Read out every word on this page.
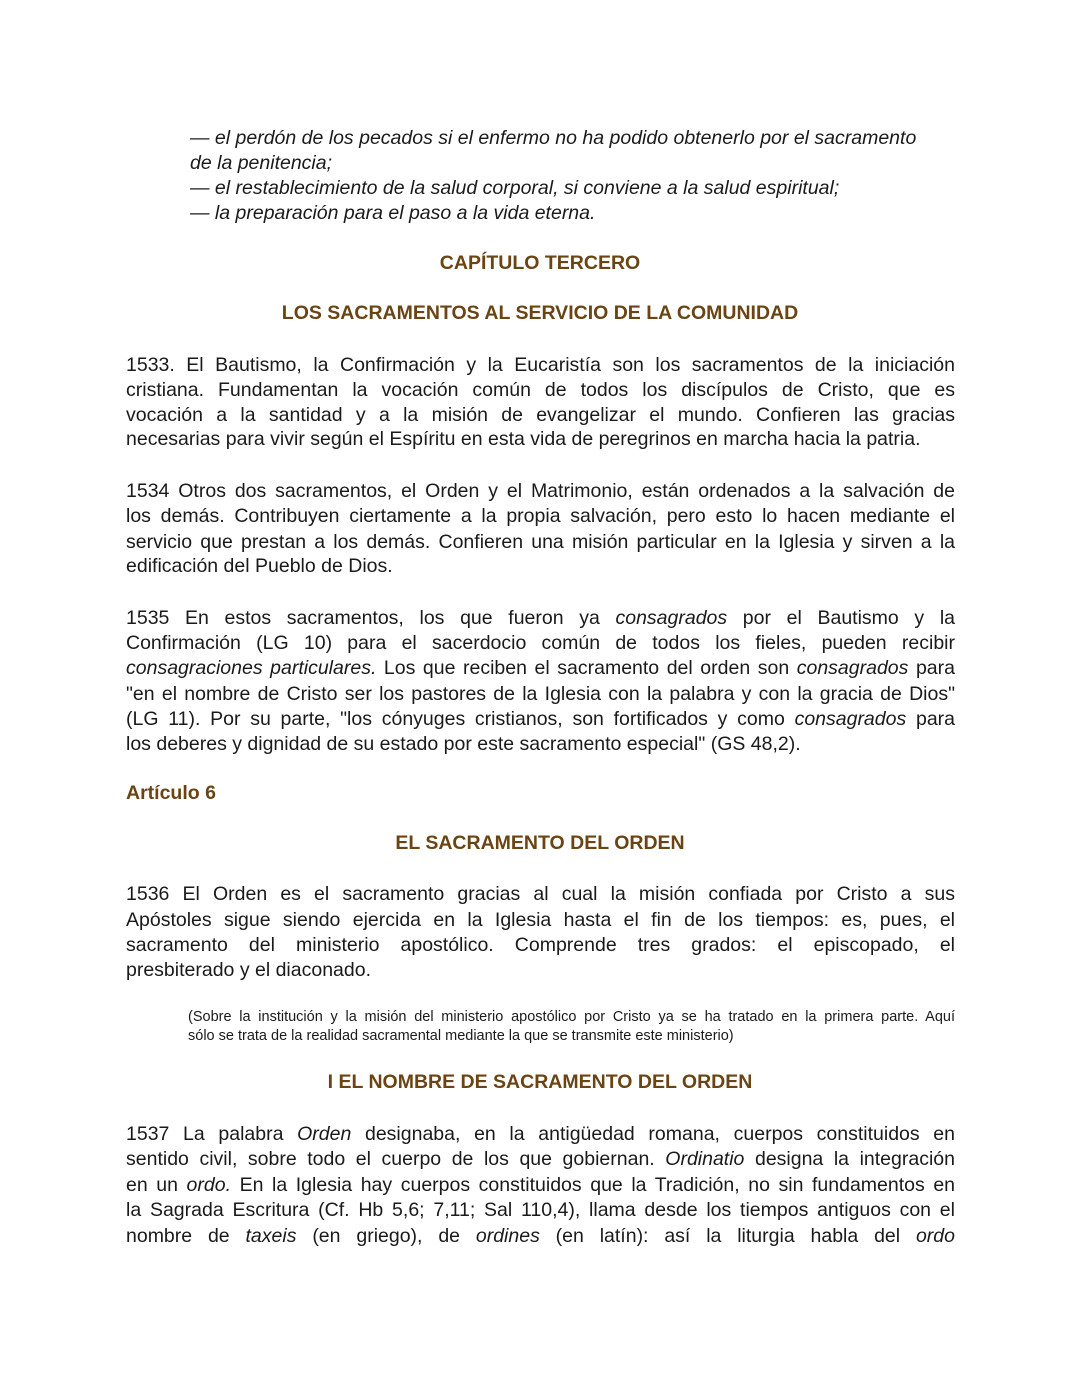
— el perdón de los pecados si el enfermo no ha podido obtenerlo por el sacramento
de la penitencia;
— el restablecimiento de la salud corporal, si conviene a la salud espiritual;
— la preparación para el paso a la vida eterna.
CAPÍTULO TERCERO
LOS SACRAMENTOS AL SERVICIO DE LA COMUNIDAD
Artículo 6
EL SACRAMENTO DEL ORDEN
I EL NOMBRE DE SACRAMENTO DEL ORDEN
1533. El Bautismo, la Confirmación y la Eucaristía son los sacramentos de la iniciación
cristiana. Fundamentan la vocación común de todos los discípulos de Cristo, que es
vocación a la santidad y a la misión de evangelizar el mundo. Confieren las gracias
necesarias para vivir según el Espíritu en esta vida de peregrinos en marcha hacia la patria.
1534 Otros dos sacramentos, el Orden y el Matrimonio, están ordenados a la salvación de
los demás. Contribuyen ciertamente a la propia salvación, pero esto lo hacen mediante el
servicio que prestan a los demás. Confieren una misión particular en la Iglesia y sirven a la
edificación del Pueblo de Dios.
1535 En estos sacramentos, los que fueron ya consagrados por el Bautismo y la
Confirmación (LG 10) para el sacerdocio común de todos los fieles, pueden recibir
consagraciones particulares. Los que reciben el sacramento del orden son consagrados para
"en el nombre de Cristo ser los pastores de la Iglesia con la palabra y con la gracia de Dios"
(LG 11). Por su parte, "los cónyuges cristianos, son fortificados y como consagrados para
los deberes y dignidad de su estado por este sacramento especial" (GS 48,2).
1536 El Orden es el sacramento gracias al cual la misión confiada por Cristo a sus
Apóstoles sigue siendo ejercida en la Iglesia hasta el fin de los tiempos: es, pues, el
sacramento del ministerio apostólico. Comprende tres grados: el episcopado, el
presbiterado y el diaconado.
(Sobre la institución y la misión del ministerio apostólico por Cristo ya se ha tratado en la primera parte. Aquí
sólo se trata de la realidad sacramental mediante la que se transmite este ministerio)
1537 La palabra Orden designaba, en la antigüedad romana, cuerpos constituidos en
sentido civil, sobre todo el cuerpo de los que gobiernan. Ordinatio designa la integración
en un ordo. En la Iglesia hay cuerpos constituidos que la Tradición, no sin fundamentos en
la Sagrada Escritura (Cf. Hb 5,6; 7,11; Sal 110,4), llama desde los tiempos antiguos con el
nombre de taxeis (en griego), de ordines (en latín): así la liturgia habla del ordo
